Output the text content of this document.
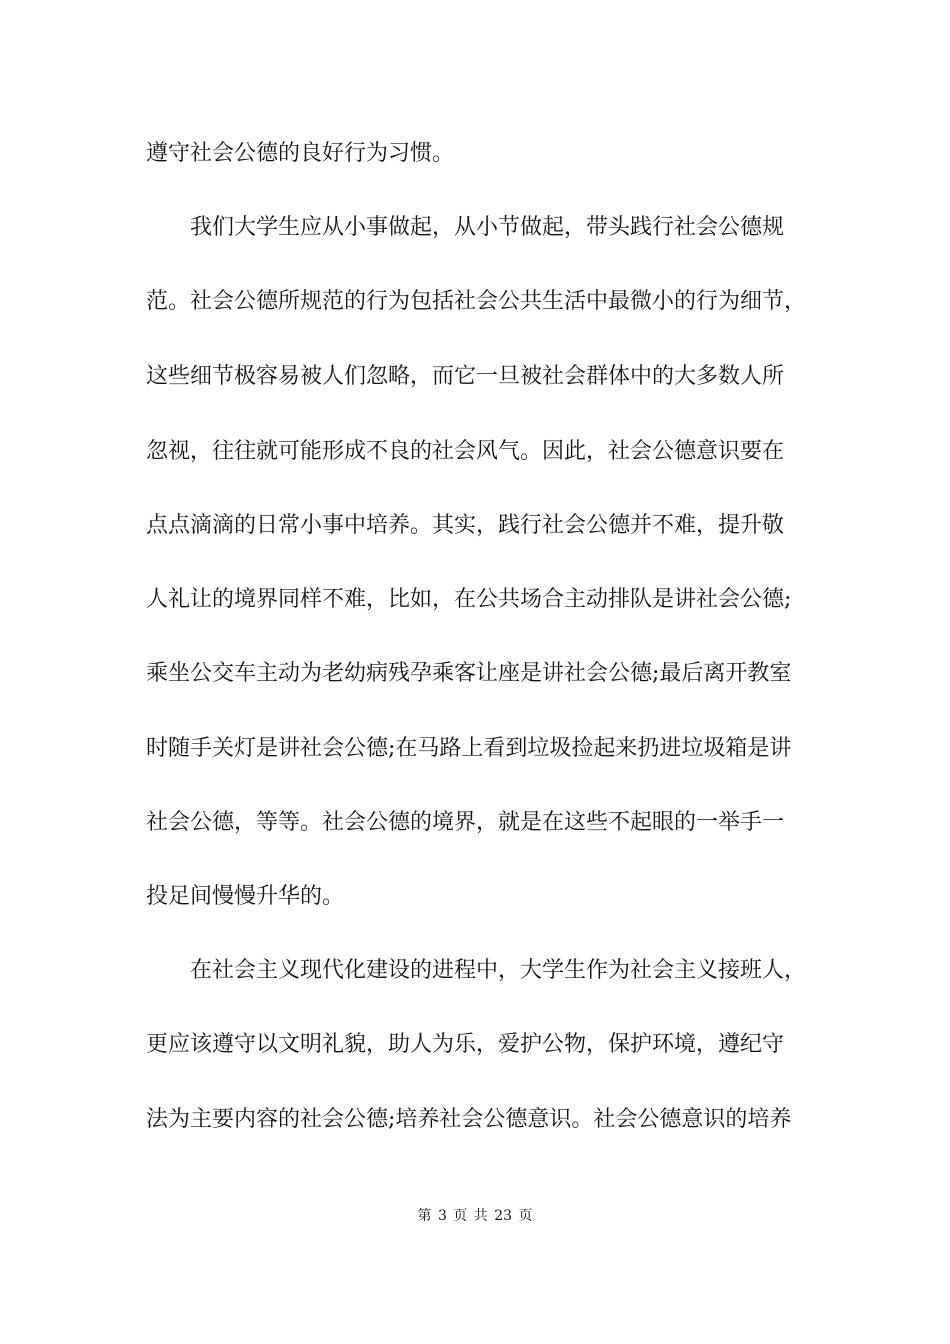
遵守社会公德的良好行为习惯。
我们大学生应从小事做起，从小节做起，带头践行社会公德规
范。社会公德所规范的行为包括社会公共生活中最微小的行为细节，
这些细节极容易被人们忽略，而它一旦被社会群体中的大多数人所
忽视，往往就可能形成不良的社会风气。因此，社会公德意识要在
点点滴滴的日常小事中培养。其实，践行社会公德并不难，提升敬
人礼让的境界同样不难，比如，在公共场合主动排队是讲社会公德;
乘坐公交车主动为老幼病残孕乘客让座是讲社会公德;最后离开教室
时随手关灯是讲社会公德;在马路上看到垃圾捡起来扔进垃圾箱是讲
社会公德，等等。社会公德的境界，就是在这些不起眼的一举手一
投足间慢慢升华的。
在社会主义现代化建设的进程中，大学生作为社会主义接班人，
更应该遵守以文明礼貌，助人为乐，爱护公物，保护环境，遵纪守
法为主要内容的社会公德;培养社会公德意识。社会公德意识的培养
第 3 页 共 23 页
